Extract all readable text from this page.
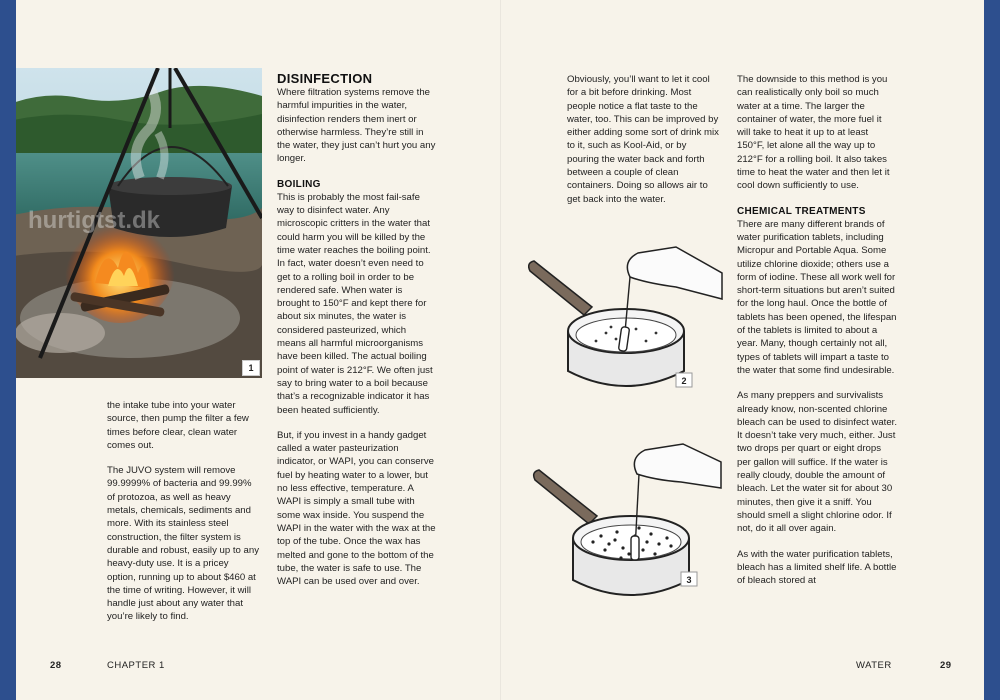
hurtigtst.dk
1

the intake tube into your water source, then pump the filter a few times before clear, clean water comes out.

The JUVO system will remove 99.9999% of bacteria and 99.99% of protozoa, as well as heavy metals, chemicals, sediments and more. With its stainless steel construction, the filter system is durable and robust, easily up to any heavy-duty use. It is a pricey option, running up to about $460 at the time of writing. However, it will handle just about any water that you’re likely to find.

DISINFECTION

Where filtration systems remove the harmful impurities in the water, disinfection renders them inert or otherwise harmless. They’re still in the water, they just can’t hurt you any longer.

BOILING

This is probably the most fail-safe way to disinfect water. Any microscopic critters in the water that could harm you will be killed by the time water reaches the boiling point. In fact, water doesn’t even need to get to a rolling boil in order to be rendered safe. When water is brought to 150°F and kept there for about six minutes, the water is considered pasteurized, which means all harmful microorganisms have been killed. The actual boiling point of water is 212°F. We often just say to bring water to a boil because that’s a recognizable indicator it has been heated sufficiently.

But, if you invest in a handy gadget called a water pasteurization indicator, or WAPI, you can conserve fuel by heating water to a lower, but no less effective, temperature. A WAPI is simply a small tube with some wax inside. You suspend the WAPI in the water with the wax at the top of the tube. Once the wax has melted and gone to the bottom of the tube, the water is safe to use. The WAPI can be used over and over.

Obviously, you’ll want to let it cool for a bit before drinking. Most people notice a flat taste to the water, too. This can be improved by either adding some sort of drink mix to it, such as Kool-Aid, or by pouring the water back and forth between a couple of clean containers. Doing so allows air to get back into the water.

2
3

The downside to this method is you can realistically only boil so much water at a time. The larger the container of water, the more fuel it will take to heat it up to at least 150°F, let alone all the way up to 212°F for a rolling boil. It also takes time to heat the water and then let it cool down sufficiently to use.

CHEMICAL TREATMENTS

There are many different brands of water purification tablets, including Micropur and Portable Aqua. Some utilize chlorine dioxide; others use a form of iodine. These all work well for short-term situations but aren’t suited for the long haul. Once the bottle of tablets has been opened, the lifespan of the tablets is limited to about a year. Many, though certainly not all, types of tablets will impart a taste to the water that some find undesirable.

As many preppers and survivalists already know, non-scented chlorine bleach can be used to disinfect water. It doesn’t take very much, either. Just two drops per quart or eight drops per gallon will suffice. If the water is really cloudy, double the amount of bleach. Let the water sit for about 30 minutes, then give it a sniff. You should smell a slight chlorine odor. If not, do it all over again.

As with the water purification tablets, bleach has a limited shelf life. A bottle of bleach stored at

28	CHAPTER 1	WATER	29
